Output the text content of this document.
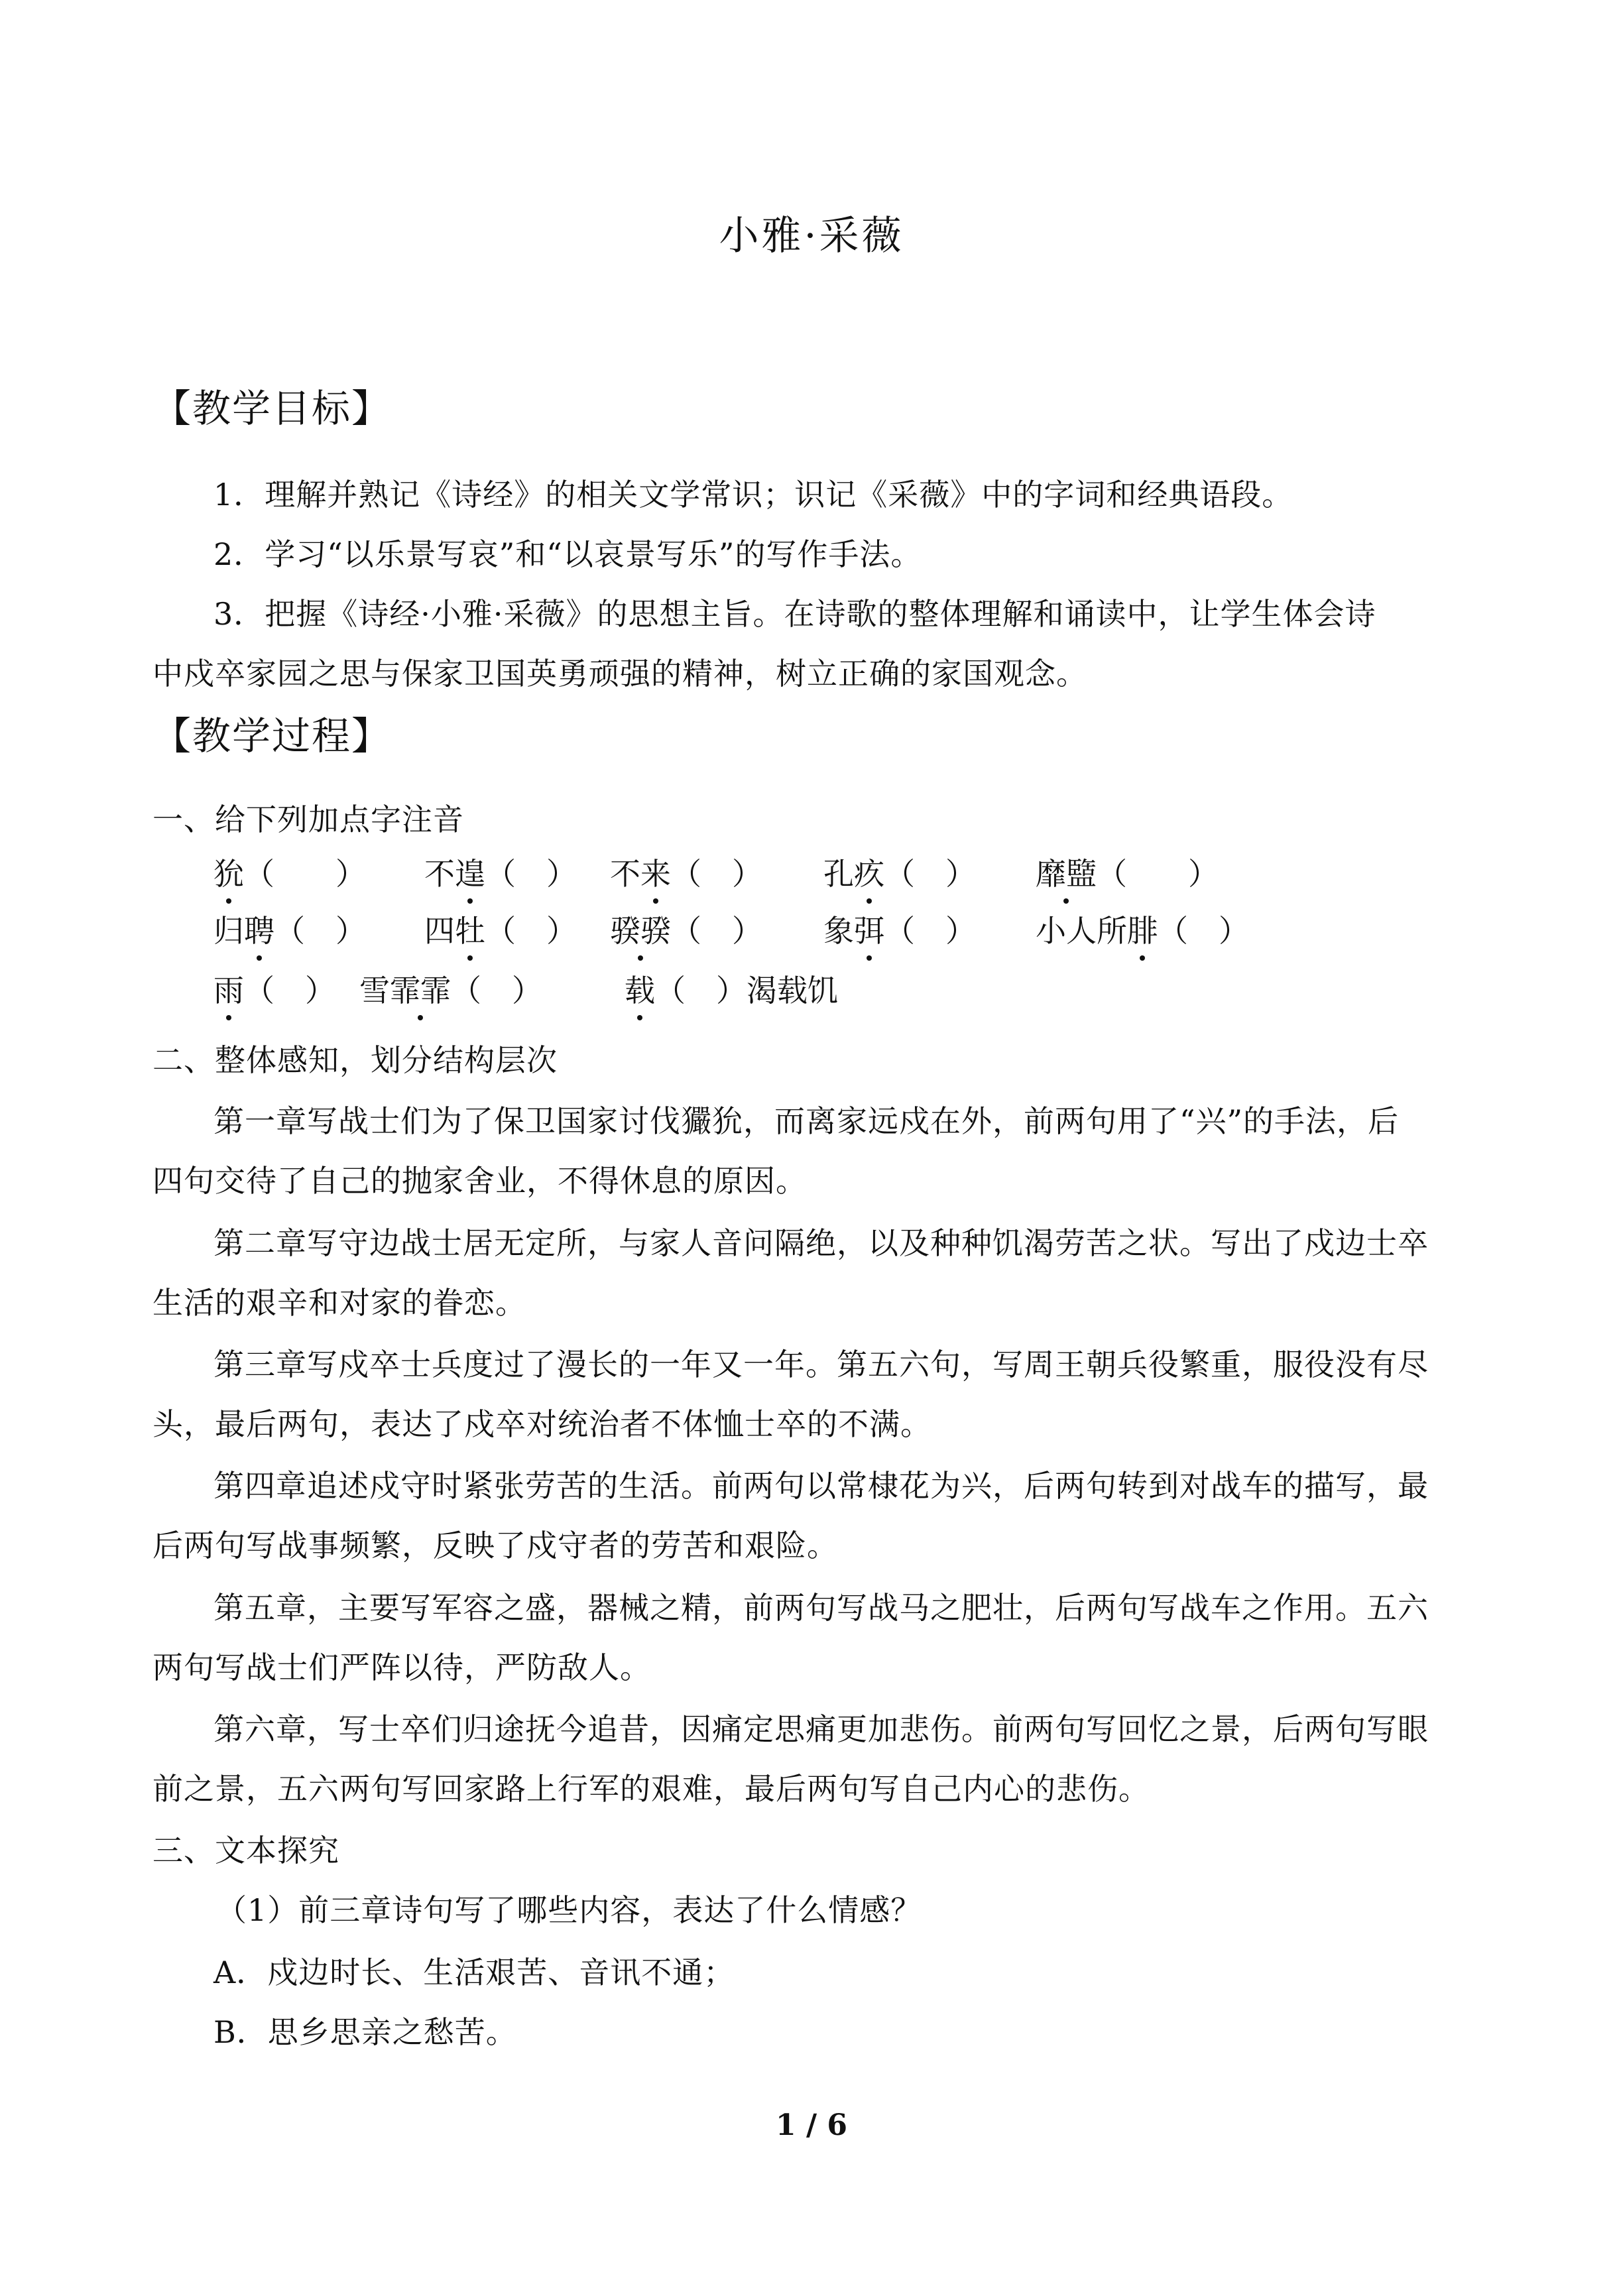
小雅·采薇
【教学目标】
1．理解并熟记《诗经》的相关文学常识；识记《采薇》中的字词和经典语段。
2．学习“以乐景写哀”和“以哀景写乐”的写作手法。
3．把握《诗经·小雅·采薇》的思想主旨。在诗歌的整体理解和诵读中，让学生体会诗
中戍卒家园之思与保家卫国英勇顽强的精神，树立正确的家国观念。
【教学过程】
一、给下列加点字注音
狁（　　） 不遑（　） 不来（　） 孔疚（　） 靡盬（　　）
归聘（　） 四牡（　） 骙骙（　） 象弭（　） 小人所腓（　）
雨（　） 雪霏霏（　）	载（　）渴载饥
二、整体感知，划分结构层次
第一章写战士们为了保卫国家讨伐玁狁，而离家远戍在外，前两句用了“兴”的手法，后
四句交待了自己的抛家舍业，不得休息的原因。
第二章写守边战士居无定所，与家人音问隔绝，以及种种饥渴劳苦之状。写出了戍边士卒
生活的艰辛和对家的眷恋。
第三章写戍卒士兵度过了漫长的一年又一年。第五六句，写周王朝兵役繁重，服役没有尽
头，最后两句，表达了戍卒对统治者不体恤士卒的不满。
第四章追述戍守时紧张劳苦的生活。前两句以常棣花为兴，后两句转到对战车的描写，最
后两句写战事频繁，反映了戍守者的劳苦和艰险。
第五章，主要写军容之盛，器械之精，前两句写战马之肥壮，后两句写战车之作用。五六
两句写战士们严阵以待，严防敌人。
第六章，写士卒们归途抚今追昔，因痛定思痛更加悲伤。前两句写回忆之景，后两句写眼
前之景，五六两句写回家路上行军的艰难，最后两句写自己内心的悲伤。
三、文本探究
（1）前三章诗句写了哪些内容，表达了什么情感？
A．戍边时长、生活艰苦、音讯不通；
B．思乡思亲之愁苦。
1 / 6
